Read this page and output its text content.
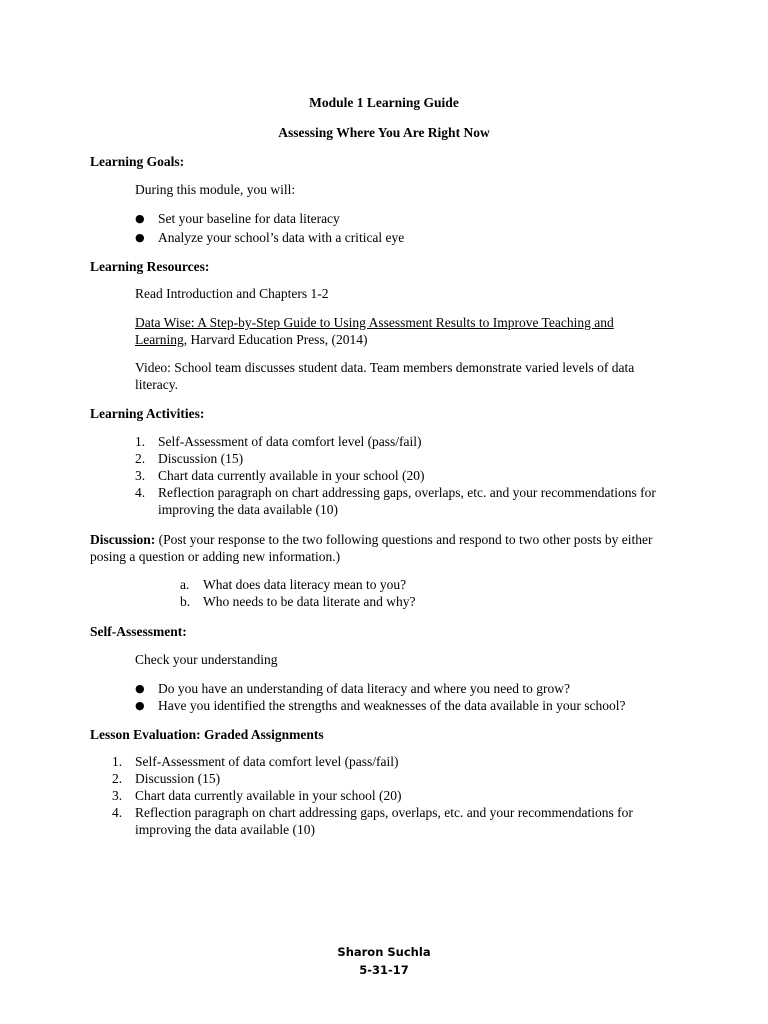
Module 1 Learning Guide
Assessing Where You Are Right Now
Learning Goals:
During this module, you will:
● Set your baseline for data literacy
● Analyze your school’s data with a critical eye
Learning Resources:
Read Introduction and Chapters 1-2
Data Wise: A Step-by-Step Guide to Using Assessment Results to Improve Teaching and Learning, Harvard Education Press, (2014)
Video: School team discusses student data. Team members demonstrate varied levels of data literacy.
Learning Activities:
1. Self-Assessment of data comfort level (pass/fail)
2. Discussion (15)
3. Chart data currently available in your school (20)
4. Reflection paragraph on chart addressing gaps, overlaps, etc. and your recommendations for improving the data available (10)
Discussion: (Post your response to the two following questions and respond to two other posts by either posing a question or adding new information.)
a.	What does data literacy mean to you?
b. Who needs to be data literate and why?
Self-Assessment:
Check your understanding
● Do you have an understanding of data literacy and where you need to grow?
● Have you identified the strengths and weaknesses of the data available in your school?
Lesson Evaluation: Graded Assignments
1. Self-Assessment of data comfort level (pass/fail)
2. Discussion (15)
3. Chart data currently available in your school (20)
4. Reflection paragraph on chart addressing gaps, overlaps, etc. and your recommendations for improving the data available (10)
Sharon Suchla
5-31-17
